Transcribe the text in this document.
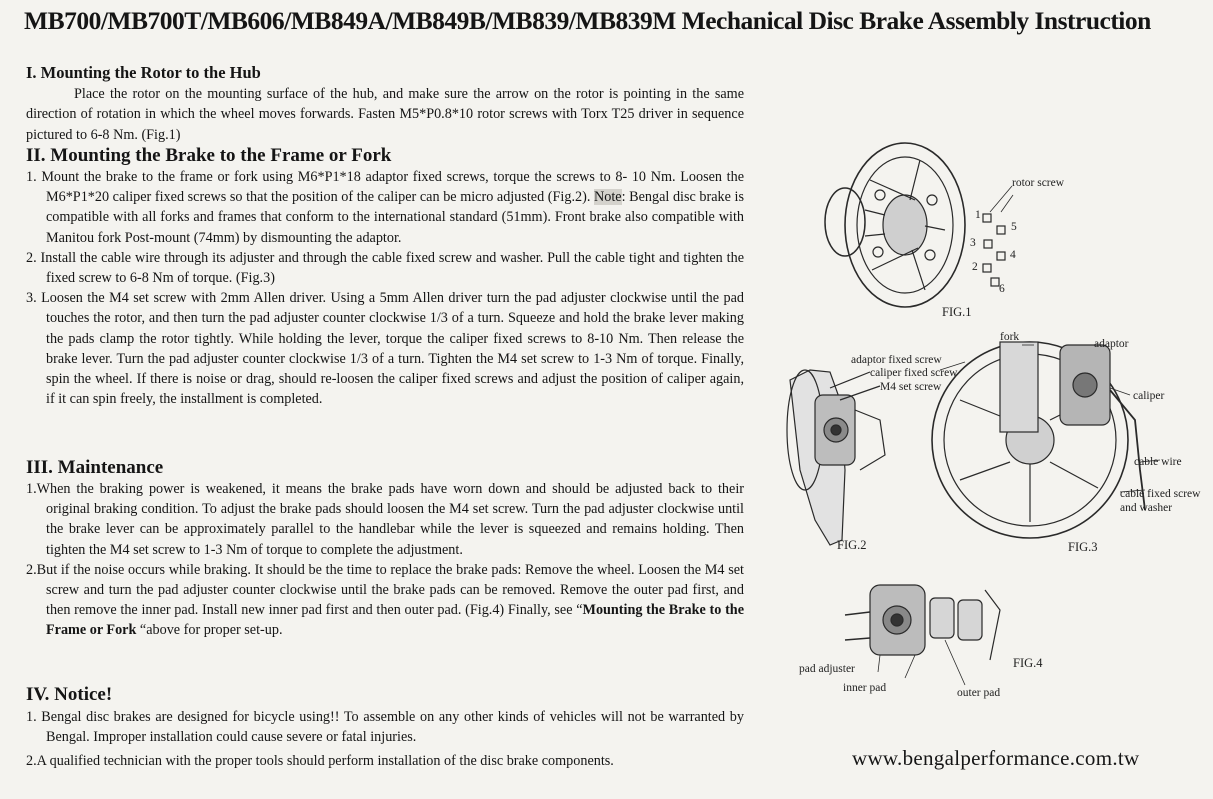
MB700/MB700T/MB606/MB849A/MB849B/MB839/MB839M Mechanical Disc Brake Assembly Instruction
I. Mounting the Rotor to the Hub
Place the rotor on the mounting surface of the hub, and make sure the arrow on the rotor is pointing in the same direction of rotation in which the wheel moves forwards. Fasten M5*P0.8*10 rotor screws with Torx T25 driver in sequence pictured to 6-8 Nm. (Fig.1)
II. Mounting the Brake to the Frame or Fork

1. Mount the brake to the frame or fork using M6*P1*18 adaptor fixed screws, torque the screws to 8- 10 Nm. Loosen the M6*P1*20 caliper fixed screws so that the position of the caliper can be micro adjusted (Fig.2). Note: Bengal disc brake is compatible with all forks and frames that conform to the international standard (51mm). Front brake also compatible with Manitou fork Post-mount (74mm) by dismounting the adaptor.

2. Install the cable wire through its adjuster and through the cable fixed screw and washer. Pull the cable tight and tighten the fixed screw to 6-8 Nm of torque. (Fig.3)

3. Loosen the M4 set screw with 2mm Allen driver. Using a 5mm Allen driver turn the pad adjuster clockwise until the pad touches the rotor, and then turn the pad adjuster counter clockwise 1/3 of a turn. Squeeze and hold the brake lever making the pads clamp the rotor tightly. While holding the lever, torque the caliper fixed screws to 8-10 Nm. Then release the brake lever. Turn the pad adjuster counter clockwise 1/3 of a turn. Tighten the M4 set screw to 1-3 Nm of torque. Finally, spin the wheel. If there is noise or drag, should re-loosen the caliper fixed screws and adjust the position of caliper again, if it can spin freely, the installment is completed.

III. Maintenance

1.When the braking power is weakened, it means the brake pads have worn down and should be adjusted back to their original braking condition. To adjust the brake pads should loosen the M4 set screw. Turn the pad adjuster clockwise until the brake lever can be approximately parallel to the handlebar while the lever is squeezed and remains holding. Then tighten the M4 set screw to 1-3 Nm of torque to complete the adjustment.

2.But if the noise occurs while braking. It should be the time to replace the brake pads: Remove the wheel. Loosen the M4 set screw and turn the pad adjuster counter clockwise until the brake pads can be removed. Remove the outer pad first, and then remove the inner pad. Install new inner pad first and then outer pad. (Fig.4) Finally, see “Mounting the Brake to the Frame or Fork “above for proper set-up.

IV. Notice!

1. Bengal disc brakes are designed for bicycle using!! To assemble on any other kinds of vehicles will not be warranted by Bengal. Improper installation could cause severe or fatal injuries.

2.A qualified technician with the proper tools should perform installation of the disc brake components.

1
5
3
4
2
6
rotor screw
FIG.1
fork
adaptor fixed screw
caliper fixed screw
M4 set screw
FIG.2
adaptor
caliper
cable wire
cable fixed screw
and washer
FIG.3
FIG.4
pad adjuster
inner pad	outer pad
www.bengalperformance.com.tw
